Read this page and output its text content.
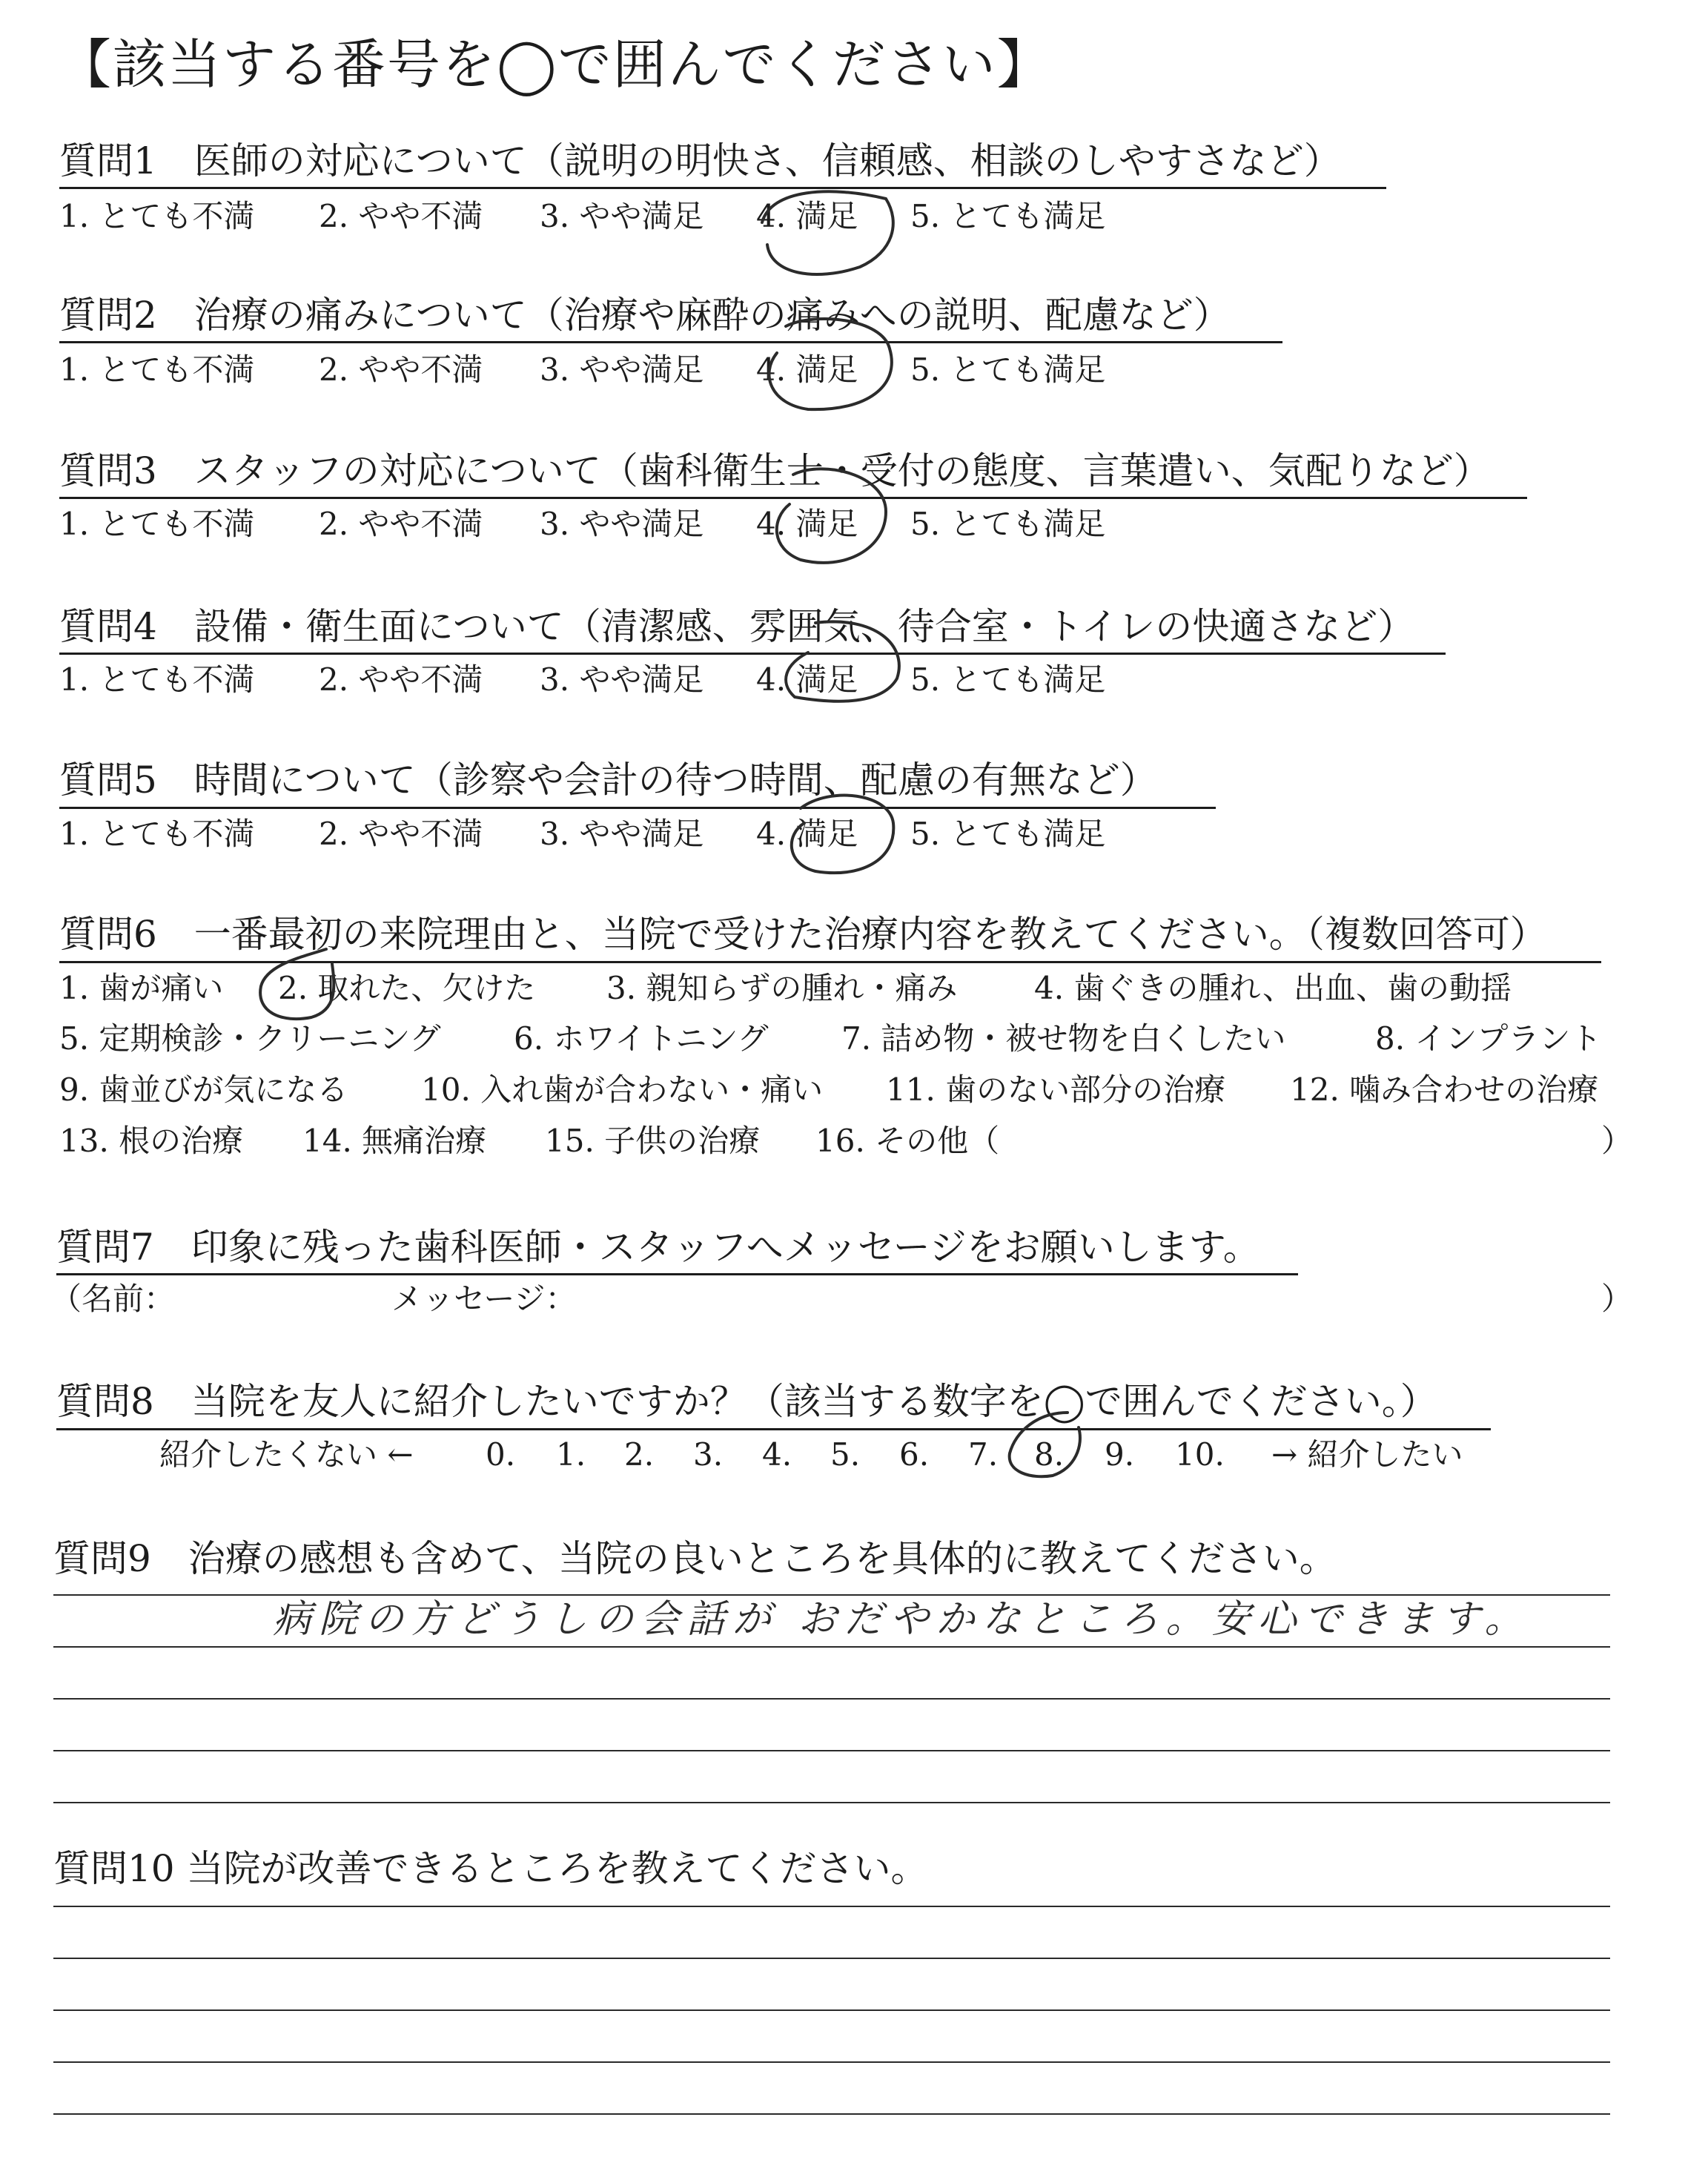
【該当する番号を◯で囲んでください】
質問1　医師の対応について（説明の明快さ、信頼感、相談のしやすさなど）
1. とても不満 2. やや不満 3. やや満足 4. 満足 5. とても満足
質問2　治療の痛みについて（治療や麻酔の痛みへの説明、配慮など）
1. とても不満 2. やや不満 3. やや満足 4. 満足 5. とても満足
質問3　スタッフの対応について（歯科衛生士・受付の態度、言葉遣い、気配りなど）
1. とても不満 2. やや不満 3. やや満足 4. 満足 5. とても満足
質問4　設備・衛生面について（清潔感、雰囲気、待合室・トイレの快適さなど）
1. とても不満 2. やや不満 3. やや満足 4. 満足 5. とても満足
質問5　時間について（診察や会計の待つ時間、配慮の有無など）
1. とても不満 2. やや不満 3. やや満足 4. 満足 5. とても満足
質問6　一番最初の来院理由と、当院で受けた治療内容を教えてください。（複数回答可）
1. 歯が痛い 2. 取れた、欠けた 3. 親知らずの腫れ・痛み 4. 歯ぐきの腫れ、出血、歯の動揺
5. 定期検診・クリーニング 6. ホワイトニング 7. 詰め物・被せ物を白くしたい	8. インプラント
9. 歯並びが気になる 10. 入れ歯が合わない・痛い 11. 歯のない部分の治療 12. 噛み合わせの治療
13. 根の治療 14. 無痛治療 15. 子供の治療 16. その他（	）
質問7　印象に残った歯科医師・スタッフへメッセージをお願いします。
（名前：	メッセージ：	）
質問8　当院を友人に紹介したいですか？（該当する数字を◯で囲んでください。）
紹介したくない ← 0. 1. 2. 3. 4. 5. 6. 7. 8. 9. 10. → 紹介したい
質問9　治療の感想も含めて、当院の良いところを具体的に教えてください。
病院の方どうしの会話が おだやかなところ。安心できます。
質問10 当院が改善できるところを教えてください。
